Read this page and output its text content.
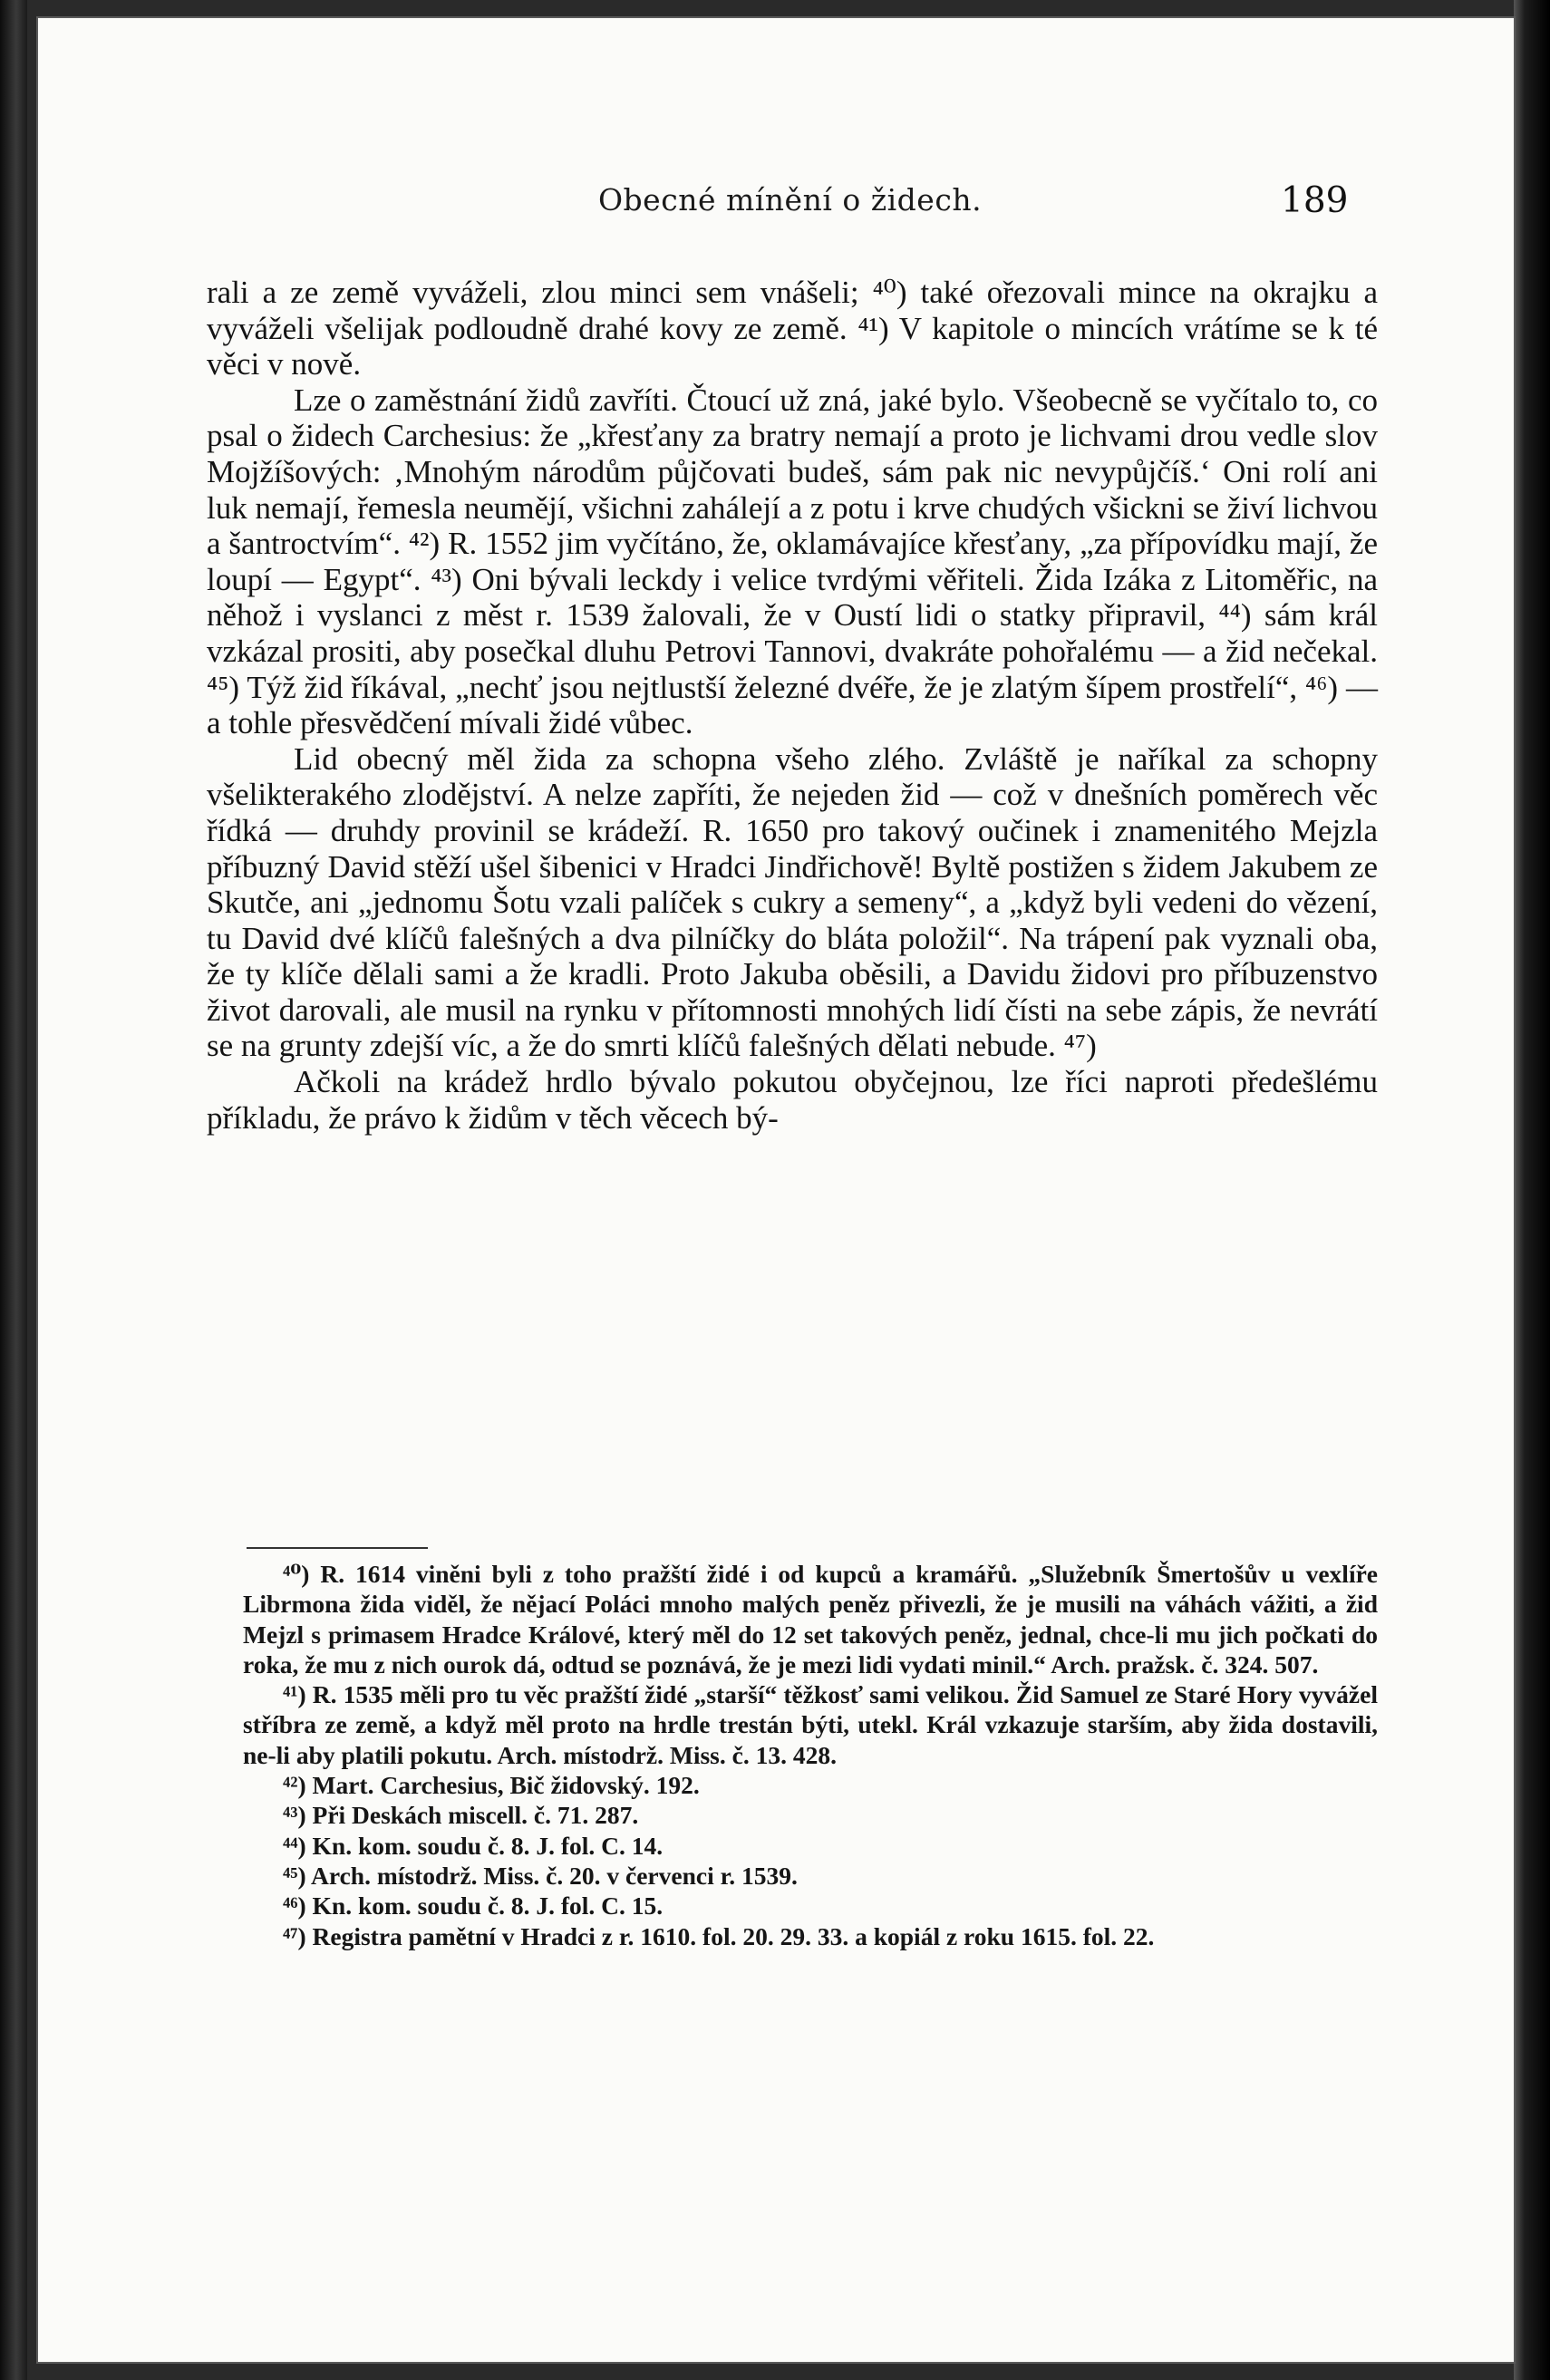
Obecné mínění o židech.	189

rali a ze země vyváželi, zlou minci sem vnášeli; ⁴⁰) také ořezovali mince na okrajku a vyváželi všelijak podloudně drahé kovy ze země. ⁴¹) V kapitole o mincích vrátíme se k té věci v nově.

Lze o zaměstnání židů zavříti. Čtoucí už zná, jaké bylo. Všeobecně se vyčítalo to, co psal o židech Carchesius: že „křesťany za bratry nemají a proto je lichvami drou vedle slov Mojžíšových: ‚Mnohým národům půjčovati budeš, sám pak nic nevypůjčíš.‘ Oni rolí ani luk nemají, řemesla neumějí, všichni zahálejí a z potu i krve chudých všickni se živí lichvou a šantroctvím“. ⁴²) R. 1552 jim vyčítáno, že, oklamávajíce křesťany, „za přípovídku mají, že loupí — Egypt“. ⁴³) Oni bývali leckdy i velice tvrdými věřiteli. Žida Izáka z Litoměřic, na něhož i vyslanci z měst r. 1539 žalovali, že v Oustí lidi o statky připravil, ⁴⁴) sám král vzkázal prositi, aby posečkal dluhu Petrovi Tannovi, dvakráte pohořalému — a žid nečekal. ⁴⁵) Týž žid říkával, „nechť jsou nejtlustší železné dvéře, že je zlatým šípem prostřelí“, ⁴⁶) — a tohle přesvědčení mívali židé vůbec.

Lid obecný měl žida za schopna všeho zlého. Zvláště je naříkal za schopny všelikterakého zlodějství. A nelze zapříti, že nejeden žid — což v dnešních poměrech věc řídká — druhdy provinil se krádeží. R. 1650 pro takový oučinek i znamenitého Mejzla příbuzný David stěží ušel šibenici v Hradci Jindřichově! Byltě postižen s židem Jakubem ze Skutče, ani „jednomu Šotu vzali palíček s cukry a semeny“, a „když byli vedeni do vězení, tu David dvé klíčů falešných a dva pilníčky do bláta položil“. Na trápení pak vyznali oba, že ty klíče dělali sami a že kradli. Proto Jakuba oběsili, a Davidu židovi pro příbuzenstvo život darovali, ale musil na rynku v přítomnosti mnohých lidí čísti na sebe zápis, že nevrátí se na grunty zdejší víc, a že do smrti klíčů falešných dělati nebude. ⁴⁷)

Ačkoli na krádež hrdlo bývalo pokutou obyčejnou, lze říci naproti předešlému příkladu, že právo k židům v těch věcech bý-

⁴⁰) R. 1614 viněni byli z toho pražští židé i od kupců a kramářů. „Služebník Šmertošův u vexlíře Librmona žida viděl, že nějací Poláci mnoho malých peněz přivezli, že je musili na váhách vážiti, a žid Mejzl s primasem Hradce Králové, který měl do 12 set takových peněz, jednal, chce-li mu jich počkati do roka, že mu z nich ourok dá, odtud se poznává, že je mezi lidi vydati minil.“ Arch. pražsk. č. 324. 507.

⁴¹) R. 1535 měli pro tu věc pražští židé „starší“ těžkosť sami velikou. Žid Samuel ze Staré Hory vyvážel stříbra ze země, a když měl proto na hrdle trestán býti, utekl. Král vzkazuje starším, aby žida dostavili, ne-li aby platili pokutu. Arch. místodrž. Miss. č. 13. 428.

⁴²) Mart. Carchesius, Bič židovský. 192.

⁴³) Při Deskách miscell. č. 71. 287.

⁴⁴) Kn. kom. soudu č. 8. J. fol. C. 14.

⁴⁵) Arch. místodrž. Miss. č. 20. v červenci r. 1539.

⁴⁶) Kn. kom. soudu č. 8. J. fol. C. 15.

⁴⁷) Registra pamětní v Hradci z r. 1610. fol. 20. 29. 33. a kopiál z roku 1615. fol. 22.
